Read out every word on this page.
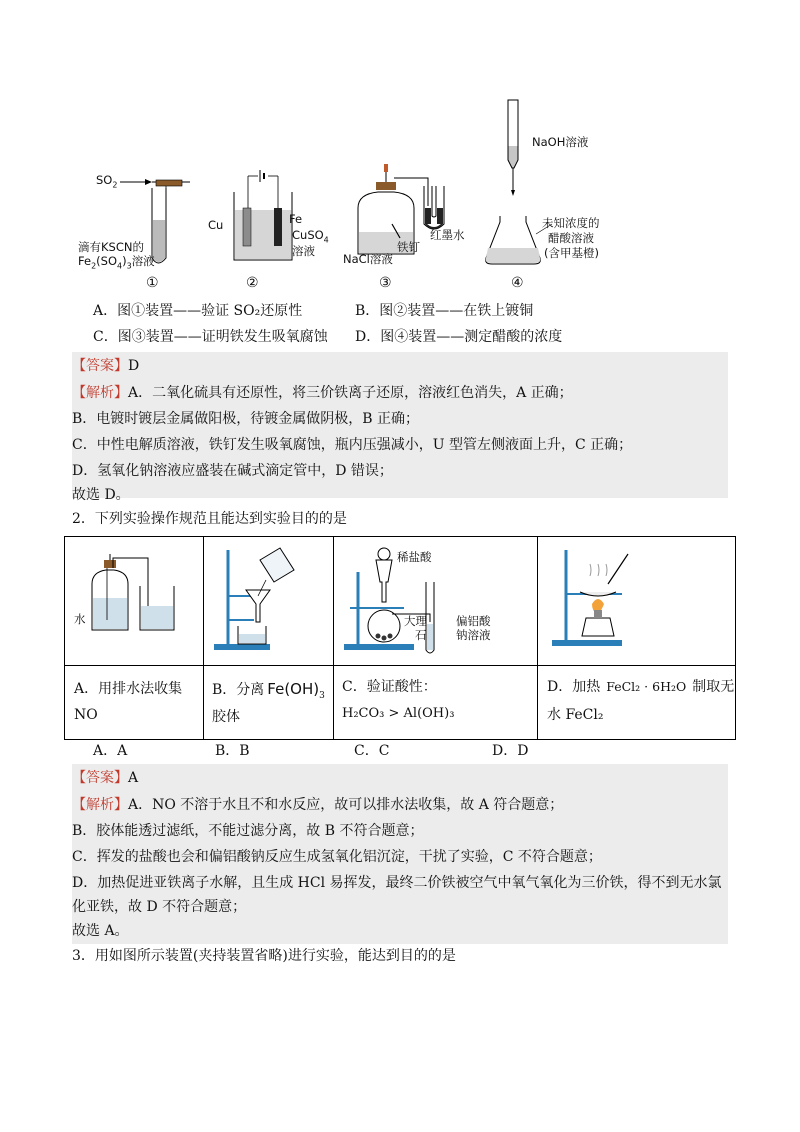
$SO_2$
滴有KSCN的
$Fe_2(SO_4)_3$溶液
Cu	Fe
CuSO$_4$
溶液
NaCl溶液
铁钉
红墨水
NaOH溶液
未知浓度的
醋酸溶液
(含甲基橙)
①	②	③	④
A．图①装置——验证 SO₂还原性	B．图②装置——在铁上镀铜
C．图③装置——证明铁发生吸氧腐蚀 D．图④装置——测定醋酸的浓度
【答案】D
【解析】A．二氧化硫具有还原性，将三价铁离子还原，溶液红色消失，A 正确；
B．电镀时镀层金属做阳极，待镀金属做阴极，B 正确；
C．中性电解质溶液，铁钉发生吸氧腐蚀，瓶内压强减小，U 型管左侧液面上升，C 正确；
D．氢氧化钠溶液应盛装在碱式滴定管中，D 错误；
故选 D。
2．下列实验操作规范且能达到实验目的的是
水
稀盐酸
大理
石
偏铝酸
钠溶液
A．用排水法收集
NO
B．分离 $Fe(OH)_3$
胶体
C．验证酸性：
H₂CO₃ > Al(OH)₃
D．加热 FeCl₂ · 6H₂O 制取无
水 FeCl₂
A．A	B．B	C．C	D．D
【答案】A
【解析】A．NO 不溶于水且不和水反应，故可以排水法收集，故 A 符合题意；
B．胶体能透过滤纸，不能过滤分离，故 B 不符合题意；
C．挥发的盐酸也会和偏铝酸钠反应生成氢氧化铝沉淀，干扰了实验，C 不符合题意；
D．加热促进亚铁离子水解，且生成 HCl 易挥发，最终二价铁被空气中氧气氧化为三价铁，得不到无水氯
化亚铁，故 D 不符合题意；
故选 A。
3．用如图所示装置(夹持装置省略)进行实验，能达到目的的是
